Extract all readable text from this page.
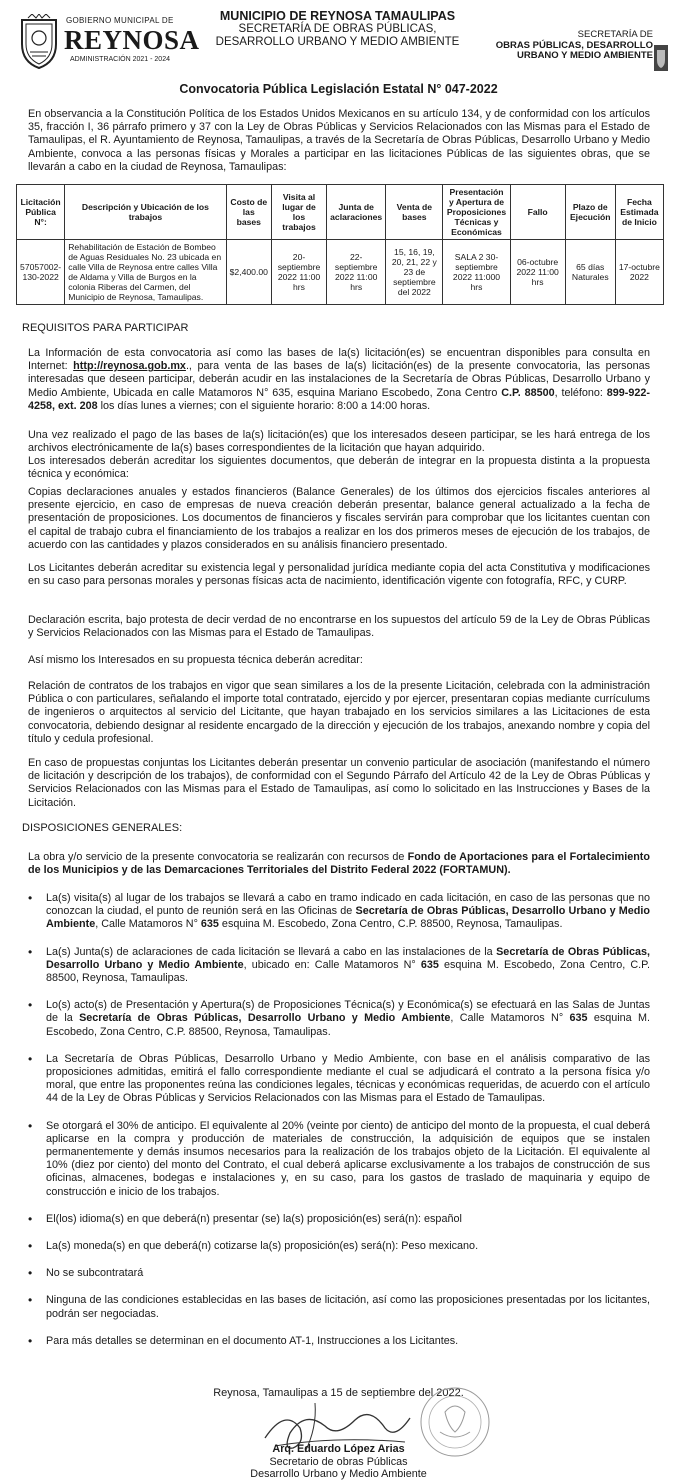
GOBIERNO MUNICIPAL DE
REYNOSA
ADMINISTRACIÓN 2021 - 2024
MUNICIPIO DE REYNOSA TAMAULIPAS
SECRETARÍA DE OBRAS PÚBLICAS,
DESARROLLO URBANO Y MEDIO AMBIENTE
SECRETARÍA DE
OBRAS PÚBLICAS, DESARROLLO
URBANO Y MEDIO AMBIENTE
Convocatoria Pública Legislación Estatal N° 047-2022

En observancia a la Constitución Política de los Estados Unidos Mexicanos en su artículo 134, y de conformidad con los artículos 35, fracción I, 36 párrafo primero y 37 con la Ley de Obras Públicas y Servicios Relacionados con las Mismas para el Estado de Tamaulipas, el R. Ayuntamiento de Reynosa, Tamaulipas, a través de la Secretaría de Obras Públicas, Desarrollo Urbano y Medio Ambiente, convoca a las personas físicas y Morales a participar en las licitaciones Públicas de las siguientes obras, que se llevarán a cabo en la ciudad de Reynosa, Tamaulipas:

Licitación Pública N°:	Descripción y Ubicación de los trabajos	Costo de las bases	Visita al lugar de los trabajos	Junta de aclaraciones	Venta de bases	Presentación y Apertura de Proposiciones Técnicas y Económicas	Fallo	Plazo de Ejecución	Fecha Estimada de Inicio
57057002-130-2022	Rehabilitación de Estación de Bombeo de Aguas Residuales No. 23 ubicada en calle Villa de Reynosa entre calles Villa de Aldama y Villa de Burgos en la colonia Riberas del Carmen, del Municipio de Reynosa, Tamaulipas.	$2,400.00	20-septiembre 2022 11:00 hrs	22-septiembre 2022 11:00 hrs	15, 16, 19, 20, 21, 22 y 23 de septiembre del 2022	SALA 2 30-septiembre 2022 11:000 hrs	06-octubre 2022 11:00 hrs	65 días Naturales	17-octubre 2022
REQUISITOS PARA PARTICIPAR

La Información de esta convocatoria así como las bases de la(s) licitación(es) se encuentran disponibles para consulta en Internet: http://reynosa.gob.mx., para venta de las bases de la(s) licitación(es) de la presente convocatoria, las personas interesadas que deseen participar, deberán acudir en las instalaciones de la Secretaría de Obras Públicas, Desarrollo Urbano y Medio Ambiente, Ubicada en calle Matamoros N° 635, esquina Mariano Escobedo, Zona Centro C.P. 88500, teléfono: 899-922-4258, ext. 208 los días lunes a viernes; con el siguiente horario: 8:00 a 14:00 horas.

Una vez realizado el pago de las bases de la(s) licitación(es) que los interesados deseen participar, se les hará entrega de los archivos electrónicamente de la(s) bases correspondientes de la licitación que hayan adquirido.

Los interesados deberán acreditar los siguientes documentos, que deberán de integrar en la propuesta distinta a la propuesta técnica y económica:

Copias declaraciones anuales y estados financieros (Balance Generales) de los últimos dos ejercicios fiscales anteriores al presente ejercicio, en caso de empresas de nueva creación deberán presentar, balance general actualizado a la fecha de presentación de proposiciones. Los documentos de financieros y fiscales servirán para comprobar que los licitantes cuentan con el capital de trabajo cubra el financiamiento de los trabajos a realizar en los dos primeros meses de ejecución de los trabajos, de acuerdo con las cantidades y plazos considerados en su análisis financiero presentado.

Los Licitantes deberán acreditar su existencia legal y personalidad jurídica mediante copia del acta Constitutiva y modificaciones en su caso para personas morales y personas físicas acta de nacimiento, identificación vigente con fotografía, RFC, y CURP.

Declaración escrita, bajo protesta de decir verdad de no encontrarse en los supuestos del artículo 59 de la Ley de Obras Públicas y Servicios Relacionados con las Mismas para el Estado de Tamaulipas.

Así mismo los Interesados en su propuesta técnica deberán acreditar:

Relación de contratos de los trabajos en vigor que sean similares a los de la presente Licitación, celebrada con la administración Pública o con particulares, señalando el importe total contratado, ejercido y por ejercer, presentaran copias mediante currículums de ingenieros o arquitectos al servicio del Licitante, que hayan trabajado en los servicios similares a las Licitaciones de esta convocatoria, debiendo designar al residente encargado de la dirección y ejecución de los trabajos, anexando nombre y copia del título y cedula profesional.

En caso de propuestas conjuntas los Licitantes deberán presentar un convenio particular de asociación (manifestando el número de licitación y descripción de los trabajos), de conformidad con el Segundo Párrafo del Artículo 42 de la Ley de Obras Públicas y Servicios Relacionados con las Mismas para el Estado de Tamaulipas, así como lo solicitado en las Instrucciones y Bases de la Licitación.

DISPOSICIONES GENERALES:

La obra y/o servicio de la presente convocatoria se realizarán con recursos de Fondo de Aportaciones para el Fortalecimiento de los Municipios y de las Demarcaciones Territoriales del Distrito Federal 2022 (FORTAMUN).

• La(s) visita(s) al lugar de los trabajos se llevará a cabo en tramo indicado en cada licitación, en caso de las personas que no conozcan la ciudad, el punto de reunión será en las Oficinas de Secretaría de Obras Públicas, Desarrollo Urbano y Medio Ambiente, Calle Matamoros N° 635 esquina M. Escobedo, Zona Centro, C.P. 88500, Reynosa, Tamaulipas.
• La(s) Junta(s) de aclaraciones de cada licitación se llevará a cabo en las instalaciones de la Secretaría de Obras Públicas, Desarrollo Urbano y Medio Ambiente, ubicado en: Calle Matamoros N° 635 esquina M. Escobedo, Zona Centro, C.P. 88500, Reynosa, Tamaulipas.
• Lo(s) acto(s) de Presentación y Apertura(s) de Proposiciones Técnica(s) y Económica(s) se efectuará en las Salas de Juntas de la Secretaría de Obras Públicas, Desarrollo Urbano y Medio Ambiente, Calle Matamoros N° 635 esquina M. Escobedo, Zona Centro, C.P. 88500, Reynosa, Tamaulipas.
• La Secretaría de Obras Públicas, Desarrollo Urbano y Medio Ambiente, con base en el análisis comparativo de las proposiciones admitidas, emitirá el fallo correspondiente mediante el cual se adjudicará el contrato a la persona física y/o moral, que entre las proponentes reúna las condiciones legales, técnicas y económicas requeridas, de acuerdo con el artículo 44 de la Ley de Obras Públicas y Servicios Relacionados con las Mismas para el Estado de Tamaulipas.
• Se otorgará el 30% de anticipo. El equivalente al 20% (veinte por ciento) de anticipo del monto de la propuesta, el cual deberá aplicarse en la compra y producción de materiales de construcción, la adquisición de equipos que se instalen permanentemente y demás insumos necesarios para la realización de los trabajos objeto de la Licitación. El equivalente al 10% (diez por ciento) del monto del Contrato, el cual deberá aplicarse exclusivamente a los trabajos de construcción de sus oficinas, almacenes, bodegas e instalaciones y, en su caso, para los gastos de traslado de maquinaria y equipo de construcción e inicio de los trabajos.
• El(los) idioma(s) en que deberá(n) presentar (se) la(s) proposición(es) será(n): español
• La(s) moneda(s) en que deberá(n) cotizarse la(s) proposición(es) será(n): Peso mexicano.
• No se subcontratará
• Ninguna de las condiciones establecidas en las bases de licitación, así como las proposiciones presentadas por los licitantes, podrán ser negociadas.
• Para más detalles se determinan en el documento AT-1, Instrucciones a los Licitantes.
Reynosa, Tamaulipas a 15 de septiembre del 2022.
Arq. Eduardo López Arias
Secretario de obras Públicas
Desarrollo Urbano y Medio Ambiente
